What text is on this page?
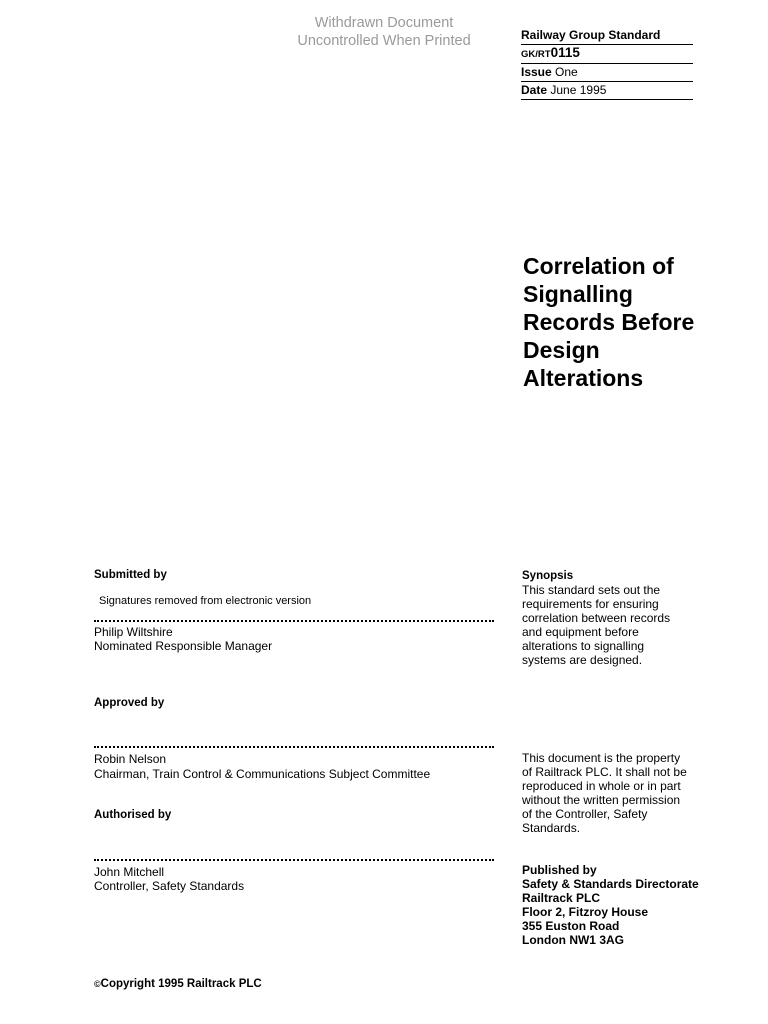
Withdrawn Document
Uncontrolled When Printed	Railway Group Standard
GK/RT0115
Issue One
Date June 1995
Correlation of
Signalling
Records Before
Design
Alterations
Submitted by
Signatures removed from electronic version
Philip Wiltshire
Nominated Responsible Manager
Approved by
Robin Nelson
Chairman, Train Control & Communications Subject Committee
Authorised by
John Mitchell
Controller, Safety Standards
Synopsis
This standard sets out the
requirements for ensuring
correlation between records
and equipment before
alterations to signalling
systems are designed.
This document is the property
of Railtrack PLC. It shall not be
reproduced in whole or in part
without the written permission
of the Controller, Safety
Standards.
Published by
Safety & Standards Directorate
Railtrack PLC
Floor 2, Fitzroy House
355 Euston Road
London NW1 3AG
©Copyright 1995 Railtrack PLC
